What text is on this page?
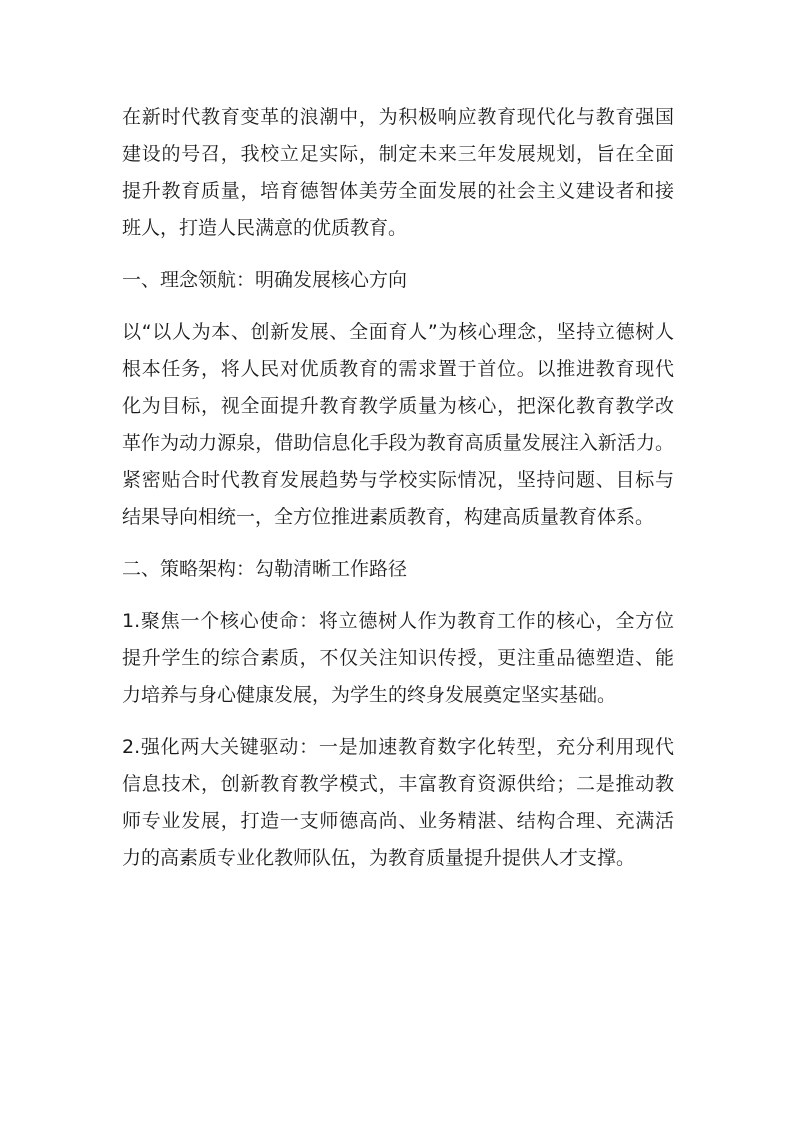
在新时代教育变革的浪潮中，为积极响应教育现代化与教育强国
建设的号召，我校立足实际，制定未来三年发展规划，旨在全面
提升教育质量，培育德智体美劳全面发展的社会主义建设者和接
班人，打造人民满意的优质教育。
一、理念领航：明确发展核心方向
以“以人为本、创新发展、全面育人”为核心理念，坚持立德树人
根本任务，将人民对优质教育的需求置于首位。以推进教育现代
化为目标，视全面提升教育教学质量为核心，把深化教育教学改
革作为动力源泉，借助信息化手段为教育高质量发展注入新活力。
紧密贴合时代教育发展趋势与学校实际情况，坚持问题、目标与
结果导向相统一，全方位推进素质教育，构建高质量教育体系。
二、策略架构：勾勒清晰工作路径
1.聚焦一个核心使命：将立德树人作为教育工作的核心，全方位
提升学生的综合素质，不仅关注知识传授，更注重品德塑造、能
力培养与身心健康发展，为学生的终身发展奠定坚实基础。
2.强化两大关键驱动：一是加速教育数字化转型，充分利用现代
信息技术，创新教育教学模式，丰富教育资源供给；二是推动教
师专业发展，打造一支师德高尚、业务精湛、结构合理、充满活
力的高素质专业化教师队伍，为教育质量提升提供人才支撑。
